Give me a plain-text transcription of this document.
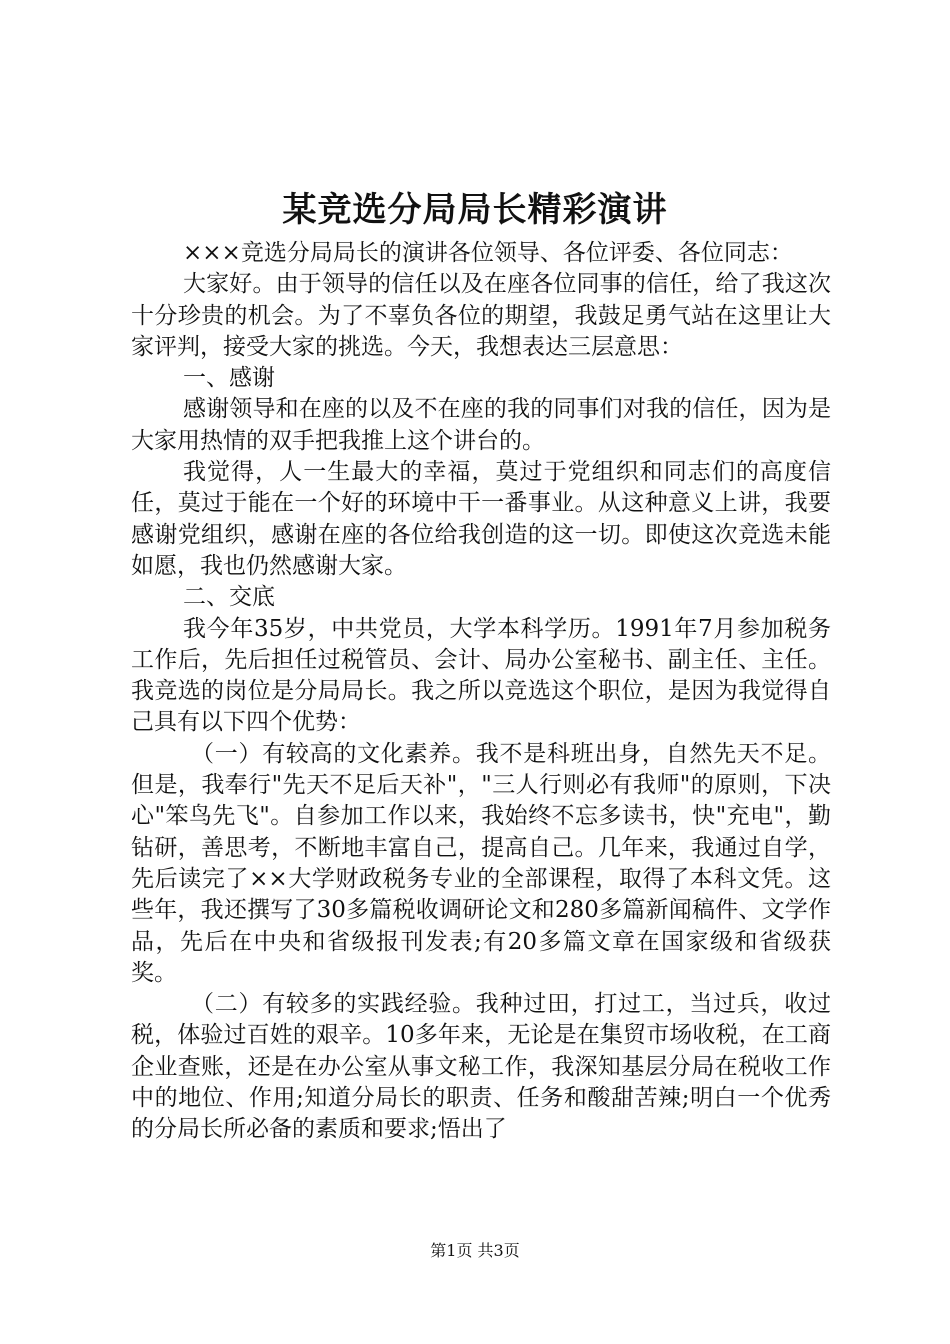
某竞选分局局长精彩演讲

×××竞选分局局长的演讲各位领导、各位评委、各位同志：

大家好。由于领导的信任以及在座各位同事的信任，给了我这次十分珍贵的机会。为了不辜负各位的期望，我鼓足勇气站在这里让大家评判，接受大家的挑选。今天，我想表达三层意思：

一、感谢

感谢领导和在座的以及不在座的我的同事们对我的信任，因为是大家用热情的双手把我推上这个讲台的。

我觉得，人一生最大的幸福，莫过于党组织和同志们的高度信任，莫过于能在一个好的环境中干一番事业。从这种意义上讲，我要感谢党组织，感谢在座的各位给我创造的这一切。即使这次竞选未能如愿，我也仍然感谢大家。

二、交底

我今年35岁，中共党员，大学本科学历。1991年7月参加税务工作后，先后担任过税管员、会计、局办公室秘书、副主任、主任。我竞选的岗位是分局局长。我之所以竞选这个职位，是因为我觉得自己具有以下四个优势：

（一）有较高的文化素养。我不是科班出身，自然先天不足。但是，我奉行"先天不足后天补"，"三人行则必有我师"的原则，下决心"笨鸟先飞"。自参加工作以来，我始终不忘多读书，快"充电"，勤钻研，善思考，不断地丰富自己，提高自己。几年来，我通过自学，先后读完了××大学财政税务专业的全部课程，取得了本科文凭。这些年，我还撰写了30多篇税收调研论文和280多篇新闻稿件、文学作品，先后在中央和省级报刊发表;有20多篇文章在国家级和省级获奖。

（二）有较多的实践经验。我种过田，打过工，当过兵，收过税，体验过百姓的艰辛。10多年来，无论是在集贸市场收税，在工商企业查账，还是在办公室从事文秘工作，我深知基层分局在税收工作中的地位、作用;知道分局长的职责、任务和酸甜苦辣;明白一个优秀的分局长所必备的素质和要求;悟出了

第1页 共3页
